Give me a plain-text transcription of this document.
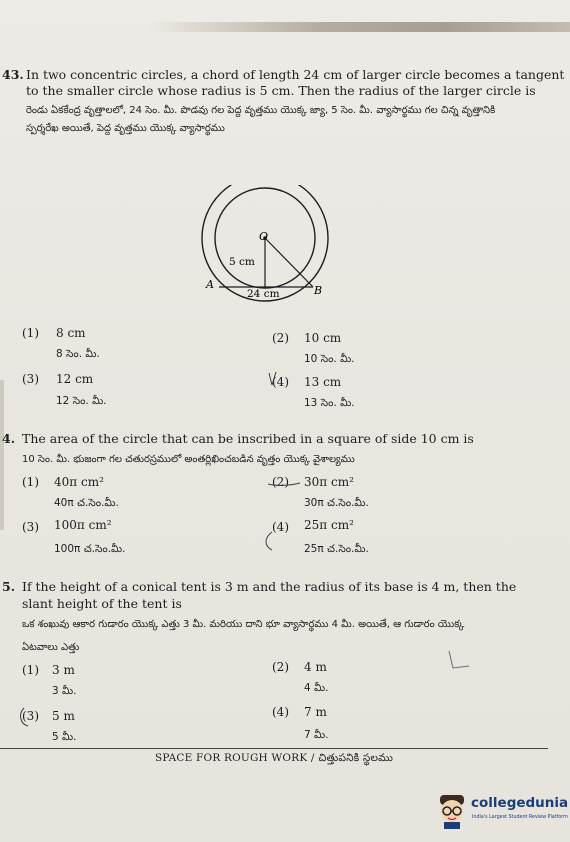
43. In two concentric circles, a chord of length 24 cm of larger circle becomes a tangent
to the smaller circle whose radius is 5 cm. Then the radius of the larger circle is
రెండు ఏకకేంద్ర వృత్తాలలో, 24 సెం. మీ. పొడవు గల పెద్ద వృత్తము యొక్క జ్యా, 5 సెం. మీ. వ్యాసార్థము గల చిన్న వృత్తానికి
స్పర్శరేఖ అయితే, పెద్ద వృత్తము యొక్క వ్యాసార్థము
O
5 cm
24 cm
A	B
(1) 8 cm
8 సెం. మీ.
(2) 10 cm
10 సెం. మీ.
(3) 12 cm
12 సెం. మీ.
(4) 13 cm
13 సెం. మీ.
4. The area of the circle that can be inscribed in a square of side 10 cm is
10 సెం. మీ. భుజంగా గల చతురస్రములో అంతర్లిఖించబడిన వృత్తం యొక్క వైశాల్యము
(1) 40π cm²
40π చ.సెం.మీ.
(2) 30π cm²
30π చ.సెం.మీ.
(3) 100π cm²
100π చ.సెం.మీ.
(4) 25π cm²
25π చ.సెం.మీ.
5. If the height of a conical tent is 3 m and the radius of its base is 4 m, then the
slant height of the tent is
ఒక శంఖువు ఆకార గుడారం యొక్క ఎత్తు 3 మీ. మరియు దాని భూ వ్యాసార్థము 4 మీ. అయితే, ఆ గుడారం యొక్క
ఏటవాలు ఎత్తు
(1) 3 m
3 మీ.
(2) 4 m
4 మీ.
(3) 5 m
5 మీ.
(4) 7 m
7 మీ.
SPACE FOR ROUGH WORK / చిత్తుపనికి స్థలము
collegedunia
India's Largest Student Review Platform
